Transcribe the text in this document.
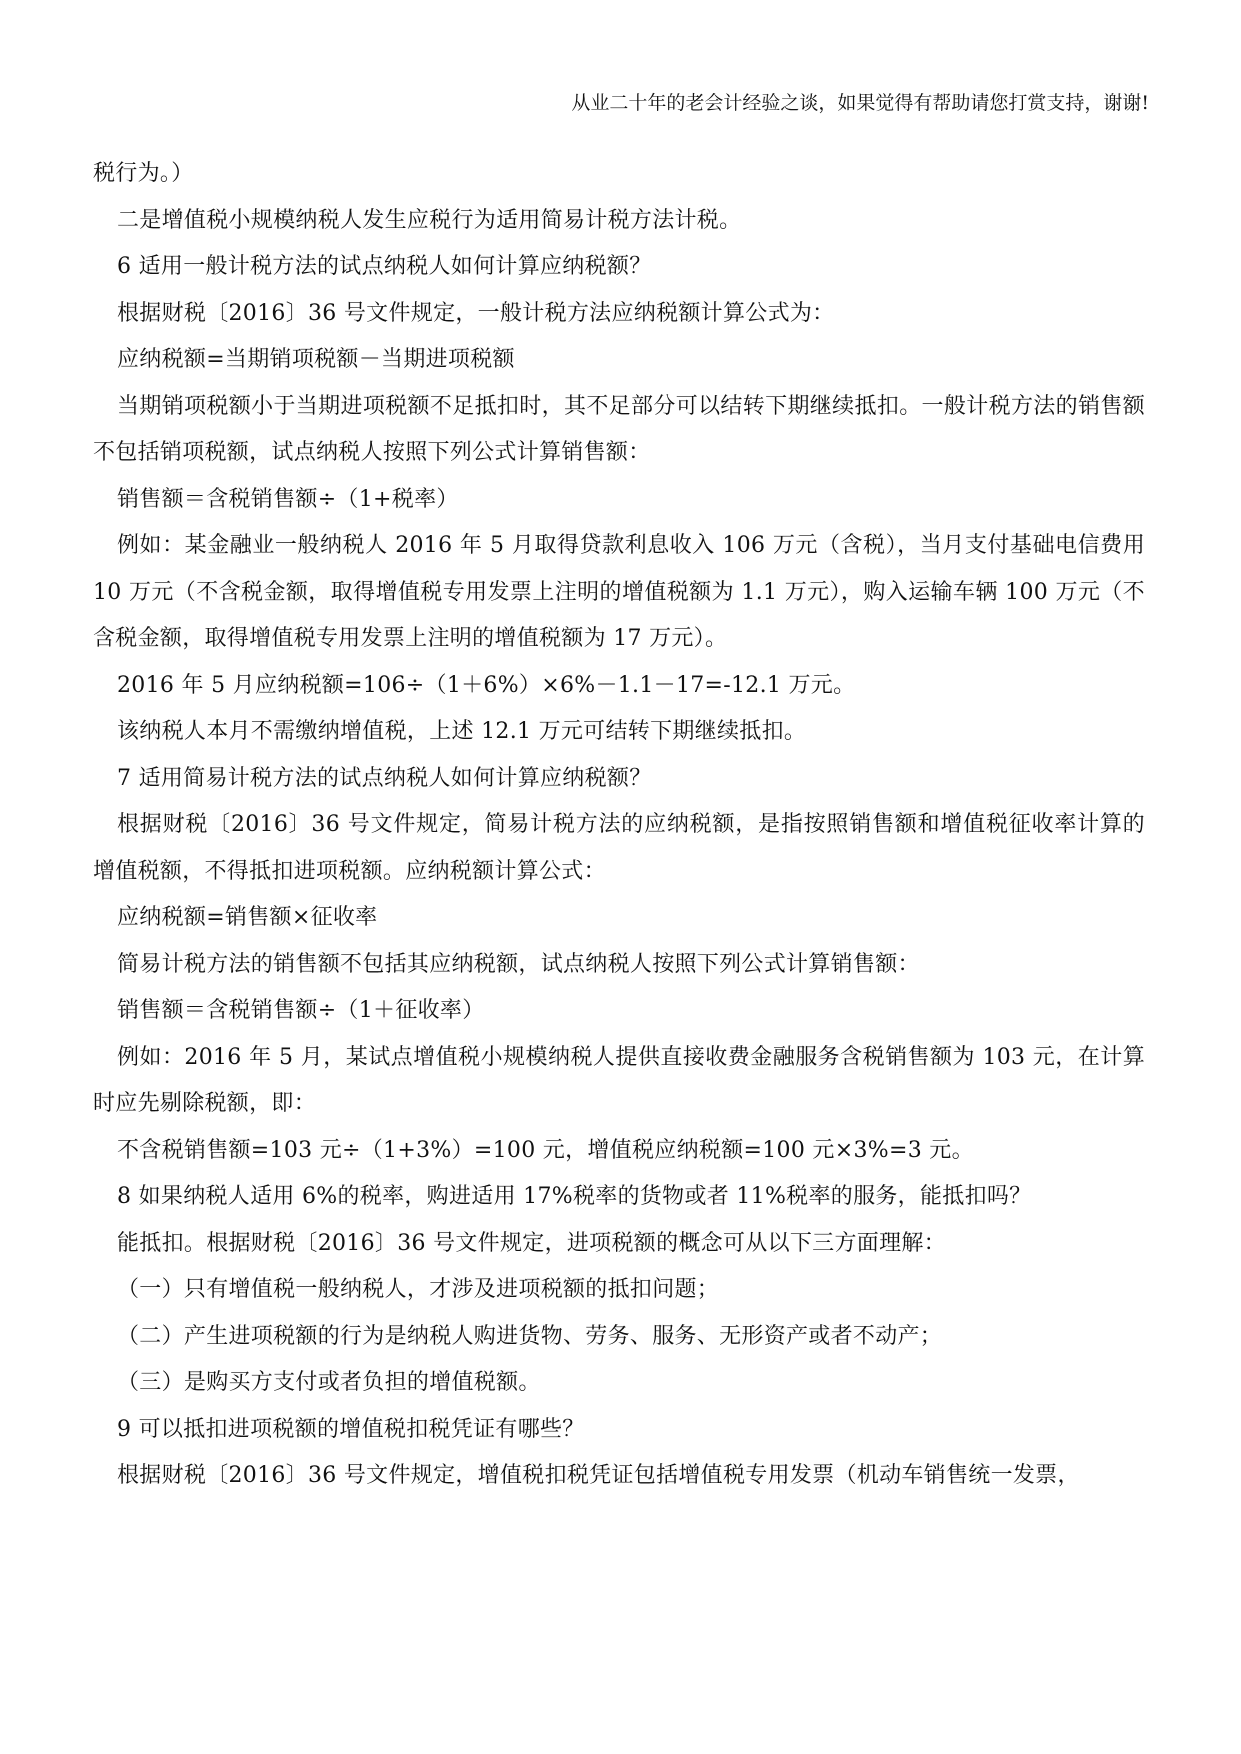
从业二十年的老会计经验之谈，如果觉得有帮助请您打赏支持，谢谢!

税行为。）

二是增值税小规模纳税人发生应税行为适用简易计税方法计税。

6 适用一般计税方法的试点纳税人如何计算应纳税额？

根据财税〔2016〕36 号文件规定，一般计税方法应纳税额计算公式为：

应纳税额=当期销项税额－当期进项税额

当期销项税额小于当期进项税额不足抵扣时，其不足部分可以结转下期继续抵扣。一般计税方法的销售额不包括销项税额，试点纳税人按照下列公式计算销售额：

销售额＝含税销售额÷（1+税率）

例如：某金融业一般纳税人 2016 年 5 月取得贷款利息收入 106 万元（含税），当月支付基础电信费用 10 万元（不含税金额，取得增值税专用发票上注明的增值税额为 1.1 万元），购入运输车辆 100 万元（不含税金额，取得增值税专用发票上注明的增值税额为 17 万元）。

2016 年 5 月应纳税额=106÷（1＋6%）×6%－1.1－17=-12.1 万元。

该纳税人本月不需缴纳增值税，上述 12.1 万元可结转下期继续抵扣。

7 适用简易计税方法的试点纳税人如何计算应纳税额？

根据财税〔2016〕36 号文件规定，简易计税方法的应纳税额，是指按照销售额和增值税征收率计算的增值税额，不得抵扣进项税额。应纳税额计算公式：

应纳税额=销售额×征收率

简易计税方法的销售额不包括其应纳税额，试点纳税人按照下列公式计算销售额：

销售额＝含税销售额÷（1＋征收率）

例如：2016 年 5 月，某试点增值税小规模纳税人提供直接收费金融服务含税销售额为 103 元，在计算时应先剔除税额，即：

不含税销售额=103 元÷（1+3%）=100 元，增值税应纳税额=100 元×3%=3 元。

8 如果纳税人适用 6%的税率，购进适用 17%税率的货物或者 11%税率的服务，能抵扣吗？

能抵扣。根据财税〔2016〕36 号文件规定，进项税额的概念可从以下三方面理解：

（一）只有增值税一般纳税人，才涉及进项税额的抵扣问题；

（二）产生进项税额的行为是纳税人购进货物、劳务、服务、无形资产或者不动产；

（三）是购买方支付或者负担的增值税额。

9 可以抵扣进项税额的增值税扣税凭证有哪些？

根据财税〔2016〕36 号文件规定，增值税扣税凭证包括增值税专用发票（机动车销售统一发票，
